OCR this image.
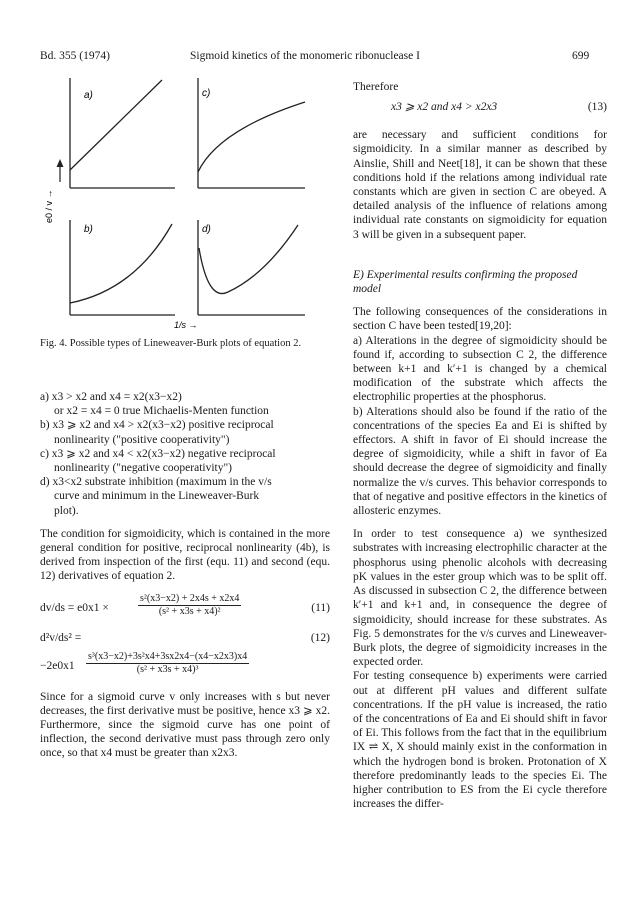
Bd. 355 (1974)	Sigmoid kinetics of the monomeric ribonuclease I	699
a)	c)
e0 / v →
b)	d)
1/s →

Fig. 4. Possible types of Lineweaver-Burk plots of equation 2.

a) x3 > x2 and x4 = x2(x3−x2)
or x2 = x4 = 0 true Michaelis-Menten function

b) x3 ⩾ x2 and x4 > x2(x3−x2) positive reciprocal
nonlinearity ("positive cooperativity")

c) x3 ⩾ x2 and x4 < x2(x3−x2) negative reciprocal
nonlinearity ("negative cooperativity")

d) x3<x2 substrate inhibition (maximum in the v/s
curve and minimum in the Lineweaver-Burk
plot).

The condition for sigmoidicity, which is contained in the more general condition for positive, reciprocal nonlinearity (4b), is derived from inspection of the first (equ. 11) and second (equ. 12) derivatives of equation 2.

dv/ds = e0x1 ×	$\frac{\text{s²(x3−x2) + 2x4s + x2x4}}{\text{(s² + x3s + x4)²}}$	(11)
d²v/ds² =	(12)
$-2e0x1 \frac{\text{s³(x3−x2)+3s²x4+3sx2x4−(x4−x2x3)x4}}{\text{(s² + x3s + x4)³}}$

Since for a sigmoid curve v only increases with s but never decreases, the first derivative must be positive, hence x3 ⩾ x2. Furthermore, since the sigmoid curve has one point of inflection, the second derivative must pass through zero only once, so that x4 must be greater than x2x3.

Therefore

x3 ⩾ x2 and x4 > x2x3	(13)

are necessary and sufficient conditions for sigmoidicity. In a similar manner as described by Ainslie, Shill and Neet[18], it can be shown that these conditions hold if the relations among individual rate constants which are given in section C are obeyed. A detailed analysis of the influence of relations among individual rate constants on sigmoidicity for equation 3 will be given in a subsequent paper.

E) Experimental results confirming the proposed model

The following consequences of the considerations in section C have been tested[19,20]:

a) Alterations in the degree of sigmoidicity should be found if, according to subsection C 2, the difference between k+1 and k′+1 is changed by a chemical modification of the substrate which affects the electrophilic properties at the phosphorus.

b) Alterations should also be found if the ratio of the concentrations of the species Ea and Ei is shifted by effectors. A shift in favor of Ei should increase the degree of sigmoidicity, while a shift in favor of Ea should decrease the degree of sigmoidicity and finally normalize the v/s curves. This behavior corresponds to that of negative and positive effectors in the kinetics of allosteric enzymes.

In order to test consequence a) we synthesized substrates with increasing electrophilic character at the phosphorus using phenolic alcohols with decreasing pK values in the ester group which was to be split off. As discussed in subsection C 2, the difference between k′+1 and k+1 and, in consequence the degree of sigmoidicity, should increase for these substrates. As Fig. 5 demonstrates for the v/s curves and Lineweaver-Burk plots, the degree of sigmoidicity increases in the expected order.

For testing consequence b) experiments were carried out at different pH values and different sulfate concentrations. If the pH value is increased, the ratio of the concentrations of Ea and Ei should shift in favor of Ei. This follows from the fact that in the equilibrium IX ⇌ X, X should mainly exist in the conformation in which the hydrogen bond is broken. Protonation of X therefore predominantly leads to the species Ei. The higher contribution to ES from the Ei cycle therefore increases the differ-
